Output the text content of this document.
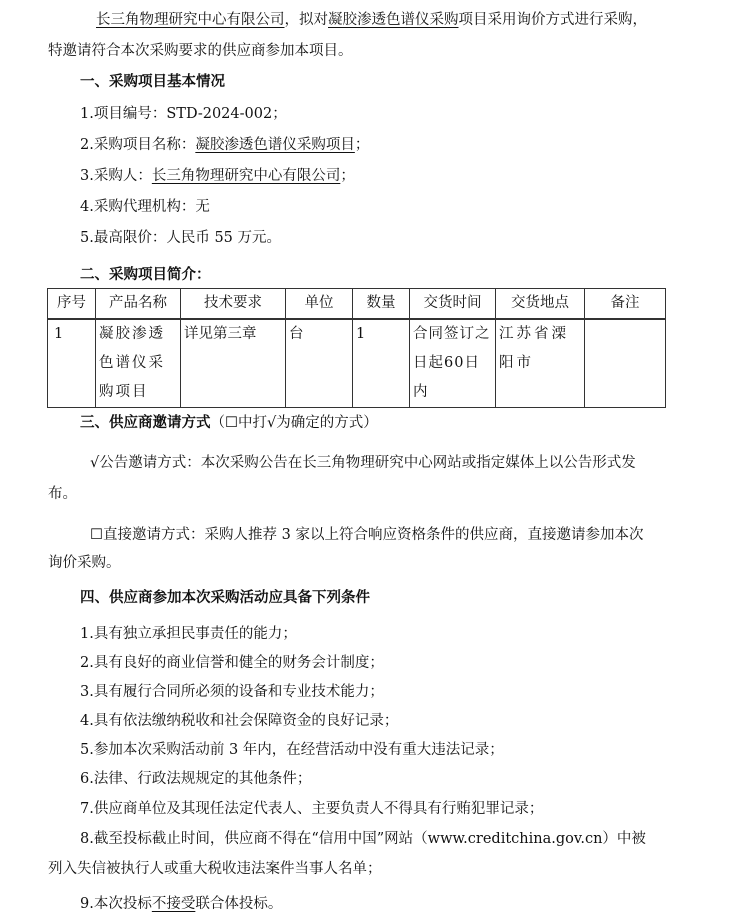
长三角物理研究中心有限公司，拟对凝胶渗透色谱仪采购项目采用询价方式进行采购，
特邀请符合本次采购要求的供应商参加本项目。
一、采购项目基本情况
1.项目编号：STD-2024-002；
2.采购项目名称：凝胶渗透色谱仪采购项目；
3.采购人：长三角物理研究中心有限公司；
4.采购代理机构：无
5.最高限价：人民币 55 万元。
二、采购项目简介：
序号	产品名称	技术要求	单位	数量	交货时间	交货地点	备注
1	凝胶渗透色谱仪采购项目	详见第三章	台	1	合同签订之日起60日内	江苏省溧阳市	
三、供应商邀请方式（☐中打√为确定的方式）
√公告邀请方式：本次采购公告在长三角物理研究中心网站或指定媒体上以公告形式发
布。
☐直接邀请方式：采购人推荐 3 家以上符合响应资格条件的供应商，直接邀请参加本次
询价采购。
四、供应商参加本次采购活动应具备下列条件
1.具有独立承担民事责任的能力；
2.具有良好的商业信誉和健全的财务会计制度；
3.具有履行合同所必须的设备和专业技术能力；
4.具有依法缴纳税收和社会保障资金的良好记录；
5.参加本次采购活动前 3 年内，在经营活动中没有重大违法记录；
6.法律、行政法规规定的其他条件；
7.供应商单位及其现任法定代表人、主要负责人不得具有行贿犯罪记录；
8.截至投标截止时间，供应商不得在“信用中国”网站（www.creditchina.gov.cn）中被
列入失信被执行人或重大税收违法案件当事人名单；
9.本次投标不接受联合体投标。
